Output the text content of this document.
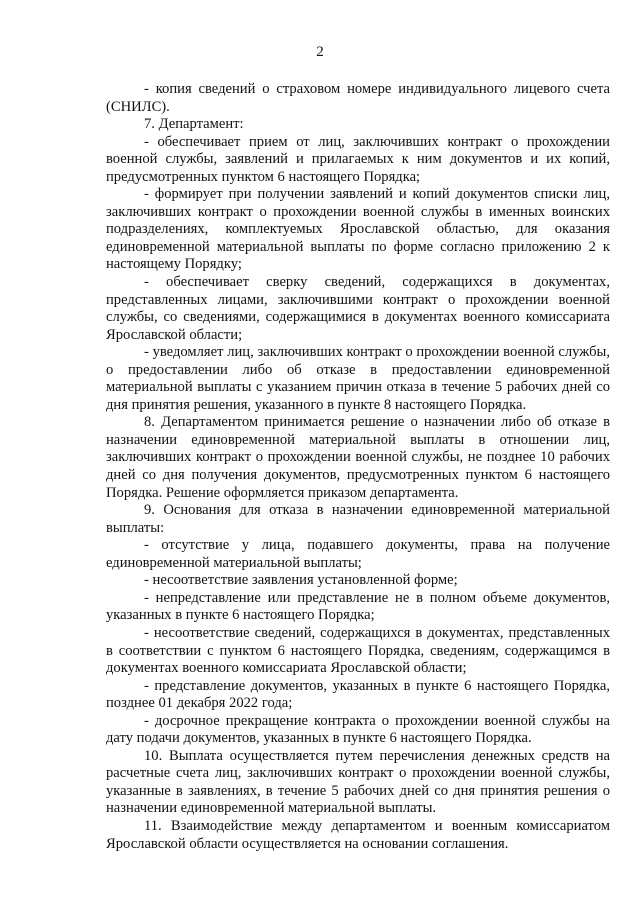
2

- копия сведений о страховом номере индивидуального лицевого счета (СНИЛС).

7. Департамент:

- обеспечивает прием от лиц, заключивших контракт о прохождении военной службы, заявлений и прилагаемых к ним документов и их копий, предусмотренных пунктом 6 настоящего Порядка;

- формирует при получении заявлений и копий документов списки лиц, заключивших контракт о прохождении военной службы в именных воинских подразделениях, комплектуемых Ярославской областью, для оказания единовременной материальной выплаты по форме согласно приложению 2 к настоящему Порядку;

- обеспечивает сверку сведений, содержащихся в документах, представленных лицами, заключившими контракт о прохождении военной службы, со сведениями, содержащимися в документах военного комиссариата Ярославской области;

- уведомляет лиц, заключивших контракт о прохождении военной службы, о предоставлении либо об отказе в предоставлении единовременной материальной выплаты с указанием причин отказа в течение 5 рабочих дней со дня принятия решения, указанного в пункте 8 настоящего Порядка.

8. Департаментом принимается решение о назначении либо об отказе в назначении единовременной материальной выплаты в отношении лиц, заключивших контракт о прохождении военной службы, не позднее 10 рабочих дней со дня получения документов, предусмотренных пунктом 6 настоящего Порядка. Решение оформляется приказом департамента.

9. Основания для отказа в назначении единовременной материальной выплаты:

- отсутствие у лица, подавшего документы, права на получение единовременной материальной выплаты;

- несоответствие заявления установленной форме;

- непредставление или представление не в полном объеме документов, указанных в пункте 6 настоящего Порядка;

- несоответствие сведений, содержащихся в документах, представленных в соответствии с пунктом 6 настоящего Порядка, сведениям, содержащимся в документах военного комиссариата Ярославской области;

- представление документов, указанных в пункте 6 настоящего Порядка, позднее 01 декабря 2022 года;

- досрочное прекращение контракта о прохождении военной службы на дату подачи документов, указанных в пункте 6 настоящего Порядка.

10. Выплата осуществляется путем перечисления денежных средств на расчетные счета лиц, заключивших контракт о прохождении военной службы, указанные в заявлениях, в течение 5 рабочих дней со дня принятия решения о назначении единовременной материальной выплаты.

11. Взаимодействие между департаментом и военным комиссариатом Ярославской области осуществляется на основании соглашения.
